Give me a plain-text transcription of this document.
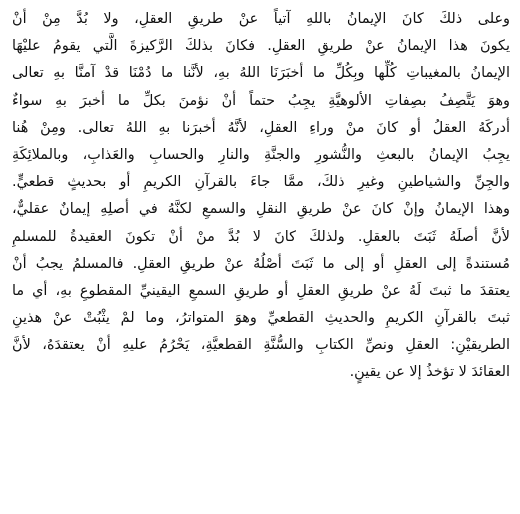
وعلى ذلكَ كانَ الإيمانُ باللهِ آتياً عنْ طريقِ العقلِ، ولا بُدَّ مِنْ أنْ
يكونَ هذا الإيمانُ عنْ طريقِ العقلِ. فكانَ بذلكَ الرَّكيزةَ الَّتي يقومُ عليْهَا
الإيمانُ بالمغيباتِ كُلِّها وبِكُلِّ ما أخبَرَنَا اللهُ بهِ، لأنَّنا ما دُمْنَا قدْ آمنَّا بهِ تعالى
وهوَ يَتَّصِفُ بصِفاتِ الألوهيَّةِ يجِبُ حتماً أنْ نؤمنَ بكلِّ ما أخبرَ بهِ سواءٌ
أدركَهُ العقلُ أو كانَ منْ وراءِ العقلِ، لأنَّهُ أخبرَنا بهِ اللهُ تعالى. ومِنْ هُنا
يجِبُ الإيمانُ بالبعثِ والنُّشورِ والجنَّةِ والنارِ والحسابِ والعَذابِ، وبالملائِكَةِ
والجِنِّ والشياطينِ وغيرِ ذلكَ، ممَّا جاءَ بالقرآنِ الكريمِ أو بحديثٍ قطعيٍّ.
وهذا الإيمانُ وإنْ كانَ عنْ طريقِ النقلِ والسمعِ لكنَّهُ في أصلِهِ إيمانٌ عقليٌّ،
لأنَّ أصلَهُ ثَبَتَ بالعقلِ. ولذلكَ كانَ لا بُدَّ منْ أنْ تكونَ العقيدةُ للمسلمِ
مُستندةً إلى العقلِ أو إلى ما ثَبَتَ أصْلُهُ عنْ طريقِ العقلِ. فالمسلمُ يجبُ أنْ
يعتقدَ ما ثبتَ لَهُ عنْ طريقِ العقلِ أو طريقِ السمعِ اليقينيِّ المقطوعِ بهِ، أي ما
ثبتَ بالقرآنِ الكريمِ والحديثِ القطعيِّ وهوَ المتواترُ، وما لمْ يثْبُتْ عنْ هذينِ
الطريقيْنِ: العقلِ ونصِّ الكتابِ والسُّنَّةِ القطعيَّةِ، يَحْرُمُ عليهِ أنْ يعتقدَهُ، لأنَّ
العقائدَ لا تؤخذُ إلا عن يقينٍ.
